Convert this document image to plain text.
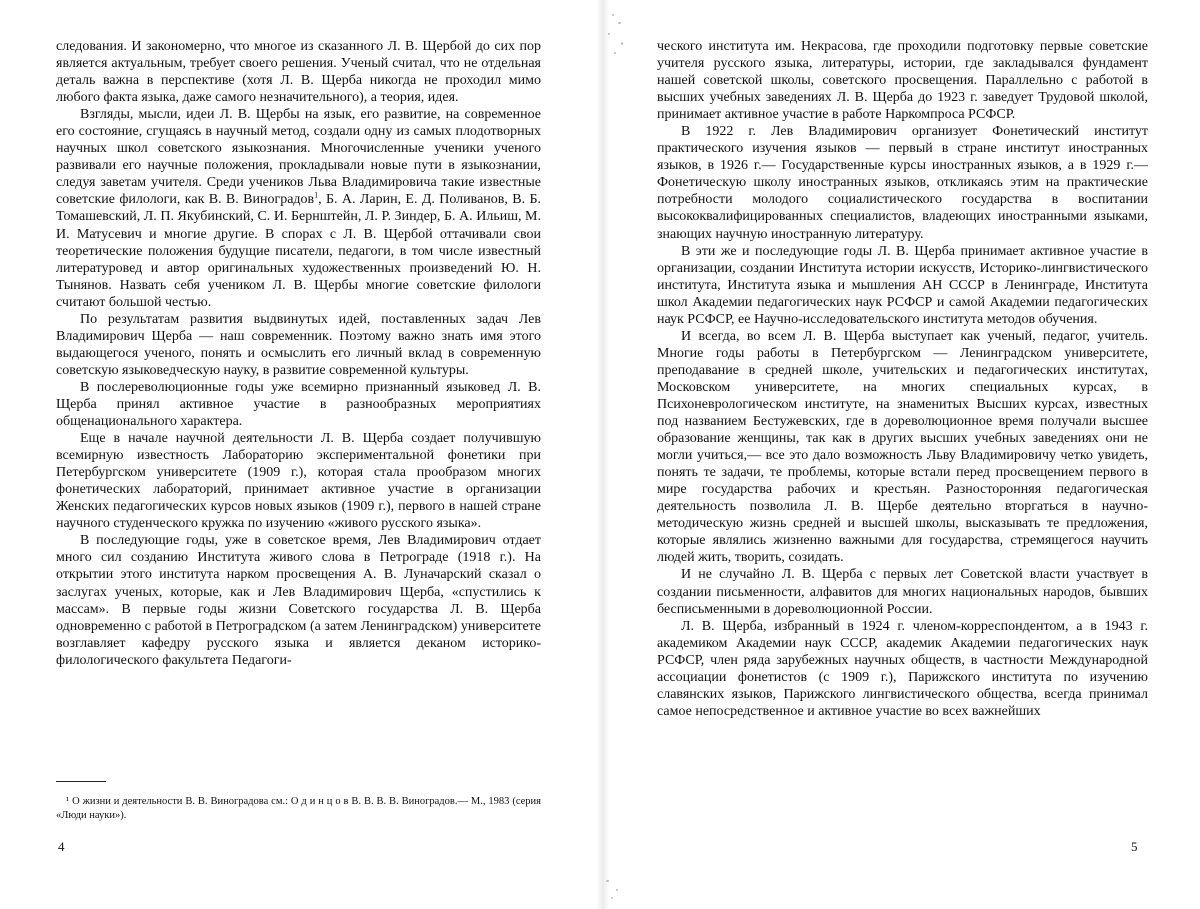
следования. И закономерно, что многое из сказанного Л. В. Щербой до сих пор является актуальным, требует своего решения. Ученый считал, что не отдельная деталь важна в перспективе (хотя Л. В. Щерба никогда не проходил мимо любого факта языка, даже самого незначительного), а теория, идея.

Взгляды, мысли, идеи Л. В. Щербы на язык, его развитие, на современное его состояние, сгущаясь в научный метод, создали одну из самых плодотворных научных школ советского языкознания. Многочисленные ученики ученого развивали его научные положения, прокладывали новые пути в языкознании, следуя заветам учителя. Среди учеников Льва Владимировича такие известные советские филологи, как В. В. Виноградов1, Б. А. Ларин, Е. Д. Поливанов, В. Б. Томашевский, Л. П. Якубинский, С. И. Бернштейн, Л. Р. Зиндер, Б. А. Ильиш, М. И. Матусевич и многие другие. В спорах с Л. В. Щербой оттачивали свои теоретические положения будущие писатели, педагоги, в том числе известный литературовед и автор оригинальных художественных произведений Ю. Н. Тынянов. Назвать себя учеником Л. В. Щербы многие советские филологи считают большой честью.

По результатам развития выдвинутых идей, поставленных задач Лев Владимирович Щерба — наш современник. Поэтому важно знать имя этого выдающегося ученого, понять и осмыслить его личный вклад в современную советскую языковедческую науку, в развитие современной культуры.

В послереволюционные годы уже всемирно признанный языковед Л. В. Щерба принял активное участие в разнообразных мероприятиях общенационального характера.

Еще в начале научной деятельности Л. В. Щерба создает получившую всемирную известность Лабораторию экспериментальной фонетики при Петербургском университете (1909 г.), которая стала прообразом многих фонетических лабораторий, принимает активное участие в организации Женских педагогических курсов новых языков (1909 г.), первого в нашей стране научного студенческого кружка по изучению «живого русского языка».

В последующие годы, уже в советское время, Лев Владимирович отдает много сил созданию Института живого слова в Петрограде (1918 г.). На открытии этого института нарком просвещения А. В. Луначарский сказал о заслугах ученых, которые, как и Лев Владимирович Щерба, «спустились к массам». В первые годы жизни Советского государства Л. В. Щерба одновременно с работой в Петроградском (а затем Ленинградском) университете возглавляет кафедру русского языка и является деканом историко-филологического факультета Педагоги-

¹ О жизни и деятельности В. В. Виноградова см.: О д и н ц о в В. В. В. В. Виноградов.— М., 1983 (серия «Люди науки»).

4

ческого института им. Некрасова, где проходили подготовку первые советские учителя русского языка, литературы, истории, где закладывался фундамент нашей советской школы, советского просвещения. Параллельно с работой в высших учебных заведениях Л. В. Щерба до 1923 г. заведует Трудовой школой, принимает активное участие в работе Наркомпроса РСФСР.

В 1922 г. Лев Владимирович организует Фонетический институт практического изучения языков — первый в стране институт иностранных языков, в 1926 г.— Государственные курсы иностранных языков, а в 1929 г.— Фонетическую школу иностранных языков, откликаясь этим на практические потребности молодого социалистического государства в воспитании высококвалифицированных специалистов, владеющих иностранными языками, знающих научную иностранную литературу.

В эти же и последующие годы Л. В. Щерба принимает активное участие в организации, создании Института истории искусств, Историко-лингвистического института, Института языка и мышления АН СССР в Ленинграде, Института школ Академии педагогических наук РСФСР и самой Академии педагогических наук РСФСР, ее Научно-исследовательского института методов обучения.

И всегда, во всем Л. В. Щерба выступает как ученый, педагог, учитель. Многие годы работы в Петербургском — Ленинградском университете, преподавание в средней школе, учительских и педагогических институтах, Московском университете, на многих специальных курсах, в Психоневрологическом институте, на знаменитых Высших курсах, известных под названием Бестужевских, где в дореволюционное время получали высшее образование женщины, так как в других высших учебных заведениях они не могли учиться,— все это дало возможность Льву Владимировичу четко увидеть, понять те задачи, те проблемы, которые встали перед просвещением первого в мире государства рабочих и крестьян. Разносторонняя педагогическая деятельность позволила Л. В. Щербе деятельно вторгаться в научно-методическую жизнь средней и высшей школы, высказывать те предложения, которые являлись жизненно важными для государства, стремящегося научить людей жить, творить, созидать.

И не случайно Л. В. Щерба с первых лет Советской власти участвует в создании письменности, алфавитов для многих национальных народов, бывших бесписьменными в дореволюционной России.

Л. В. Щерба, избранный в 1924 г. членом-корреспондентом, а в 1943 г. академиком Академии наук СССР, академик Академии педагогических наук РСФСР, член ряда зарубежных научных обществ, в частности Международной ассоциации фонетистов (с 1909 г.), Парижского института по изучению славянских языков, Парижского лингвистического общества, всегда принимал самое непосредственное и активное участие во всех важнейших

5
